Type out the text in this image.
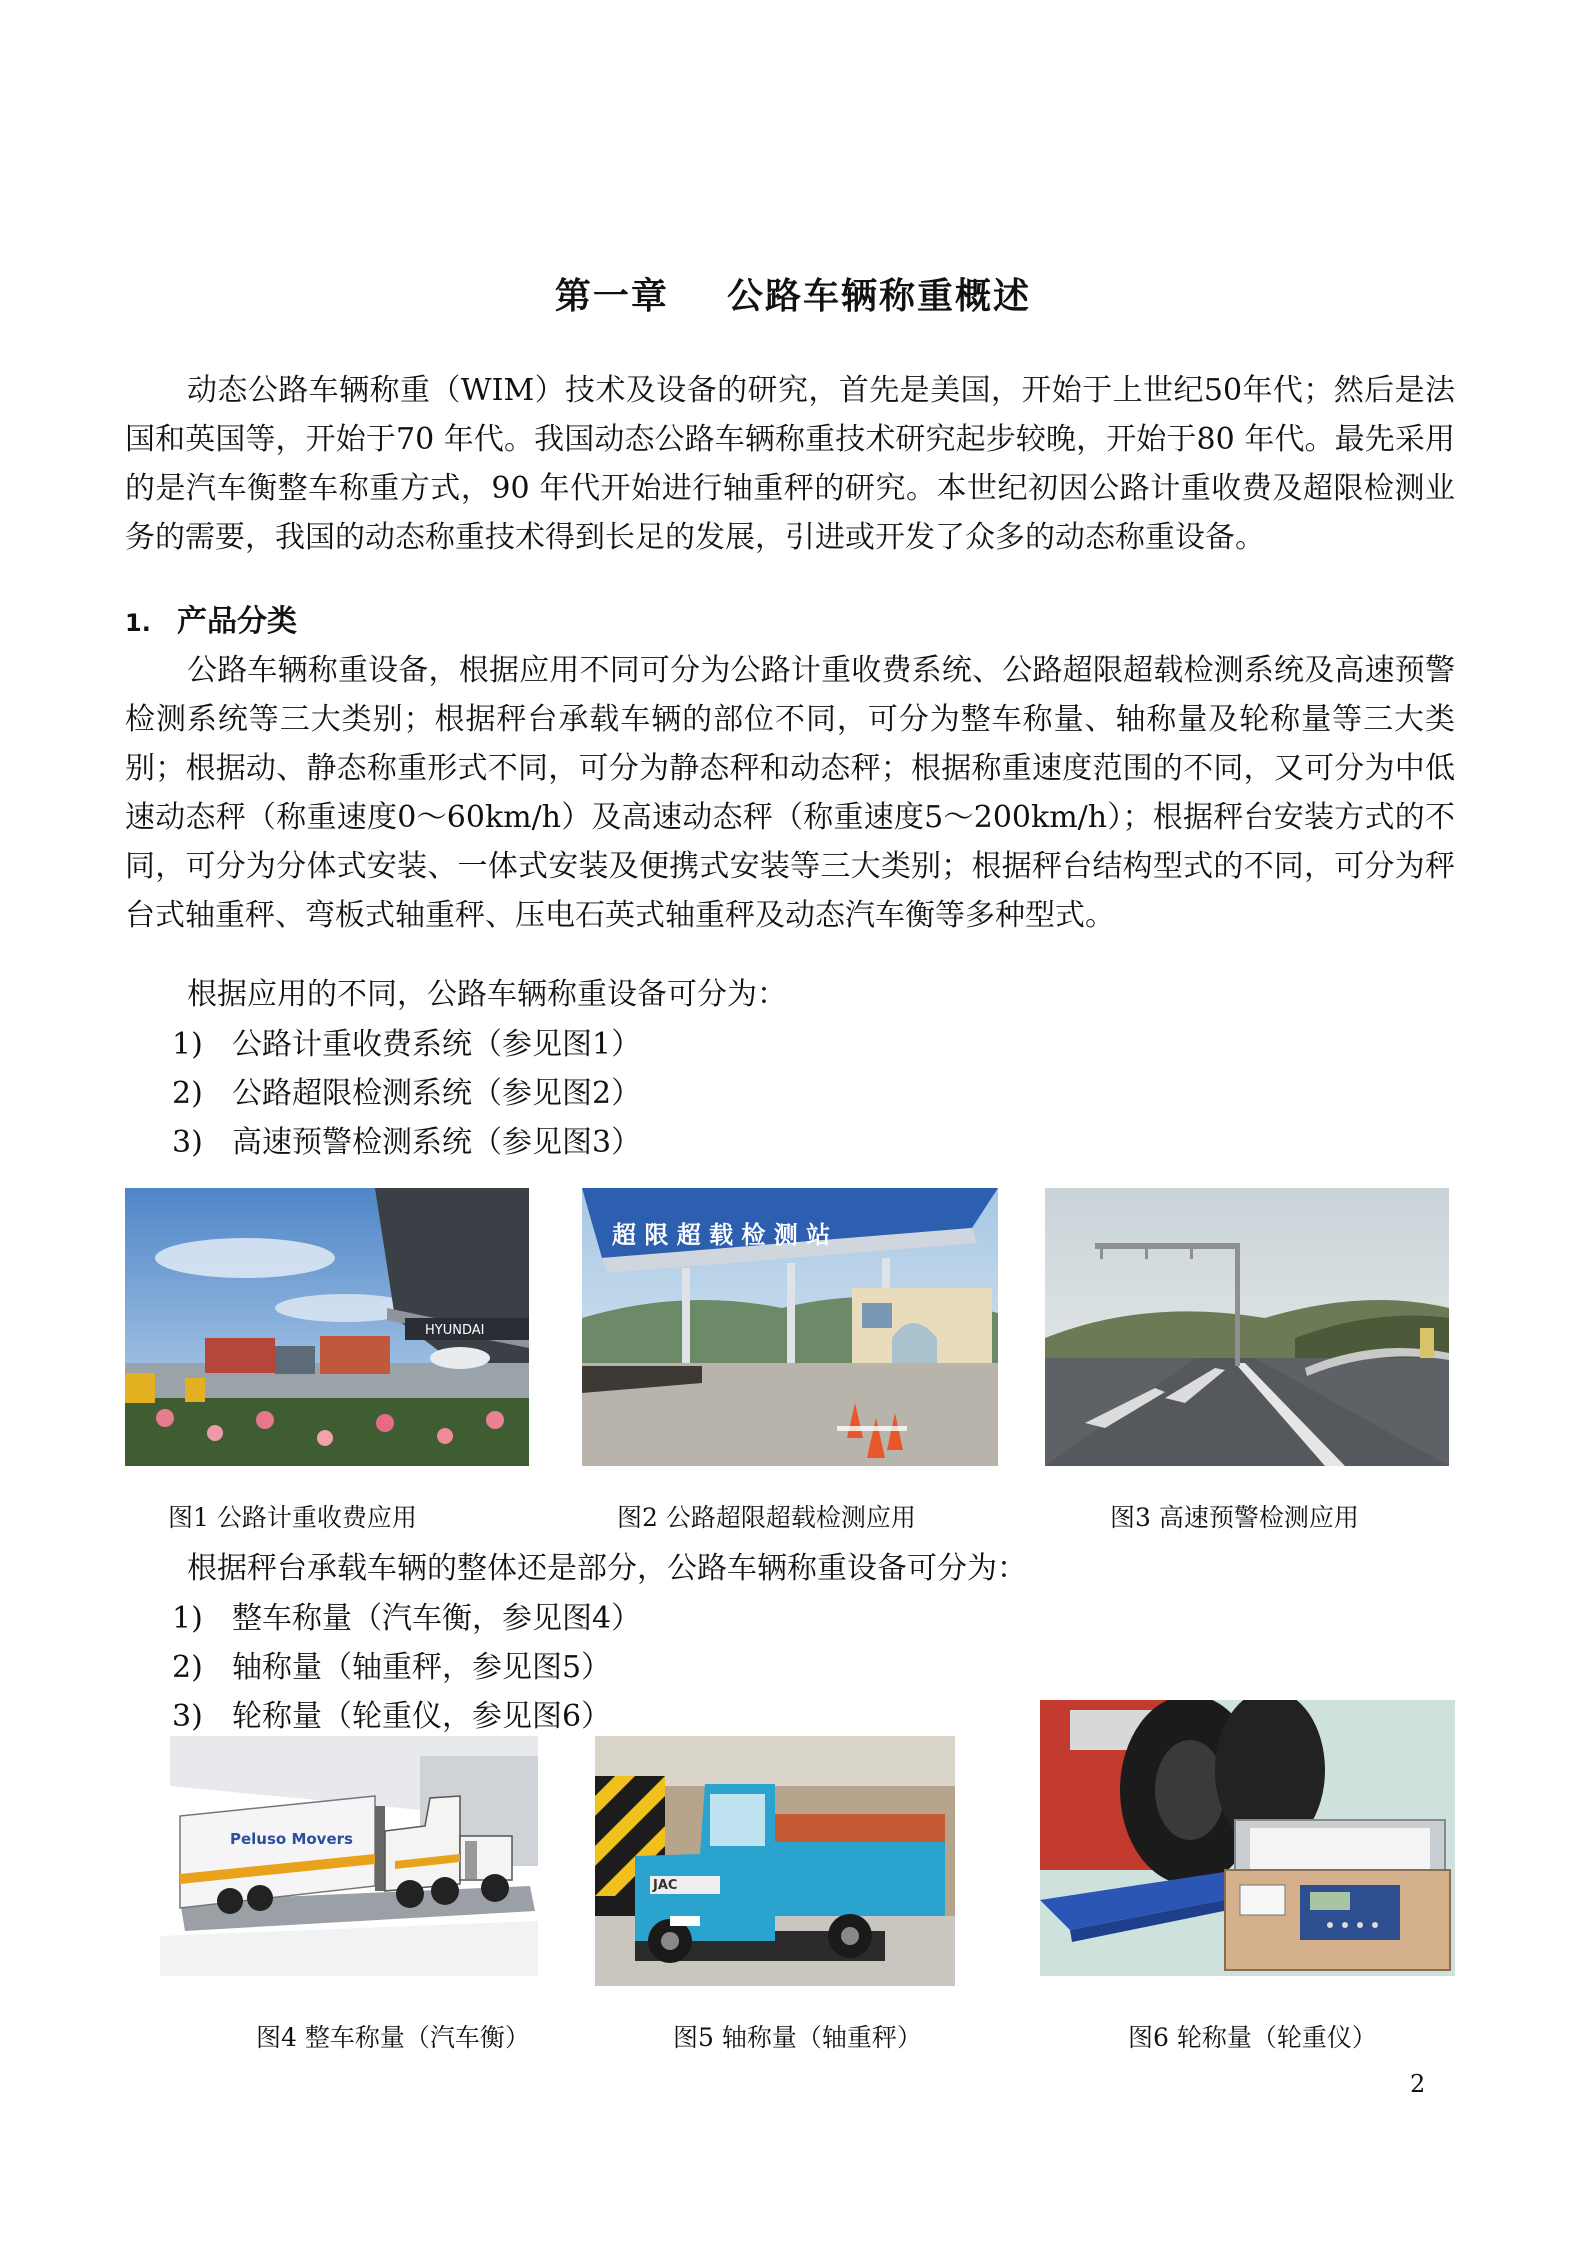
第一章    公路车辆称重概述

动态公路车辆称重（WIM）技术及设备的研究，首先是美国，开始于上世纪50年代；然后是法国和英国等，开始于70 年代。我国动态公路车辆称重技术研究起步较晚，开始于80 年代。最先采用的是汽车衡整车称重方式，90 年代开始进行轴重秤的研究。本世纪初因公路计重收费及超限检测业务的需要，我国的动态称重技术得到长足的发展，引进或开发了众多的动态称重设备。

1. 产品分类

公路车辆称重设备，根据应用不同可分为公路计重收费系统、公路超限超载检测系统及高速预警检测系统等三大类别；根据秤台承载车辆的部位不同，可分为整车称量、轴称量及轮称量等三大类别；根据动、静态称重形式不同，可分为静态秤和动态秤；根据称重速度范围的不同，又可分为中低速动态秤（称重速度0～60km/h）及高速动态秤（称重速度5～200km/h）；根据秤台安装方式的不同，可分为分体式安装、一体式安装及便携式安装等三大类别；根据秤台结构型式的不同，可分为秤台式轴重秤、弯板式轴重秤、压电石英式轴重秤及动态汽车衡等多种型式。

根据应用的不同，公路车辆称重设备可分为：

1) 公路计重收费系统（参见图1）
2) 公路超限检测系统（参见图2）
3) 高速预警检测系统（参见图3）
HYUNDAI
超 限 超 载 检 测 站
图1 公路计重收费应用	图2 公路超限超载检测应用	图3 高速预警检测应用

根据秤台承载车辆的整体还是部分，公路车辆称重设备可分为：

1) 整车称量（汽车衡，参见图4）
2) 轴称量（轴重秤，参见图5）
3) 轮称量（轮重仪，参见图6）
Peluso Movers
JAC
图4 整车称量（汽车衡）	图5 轴称量（轴重秤）	图6 轮称量（轮重仪）
2
